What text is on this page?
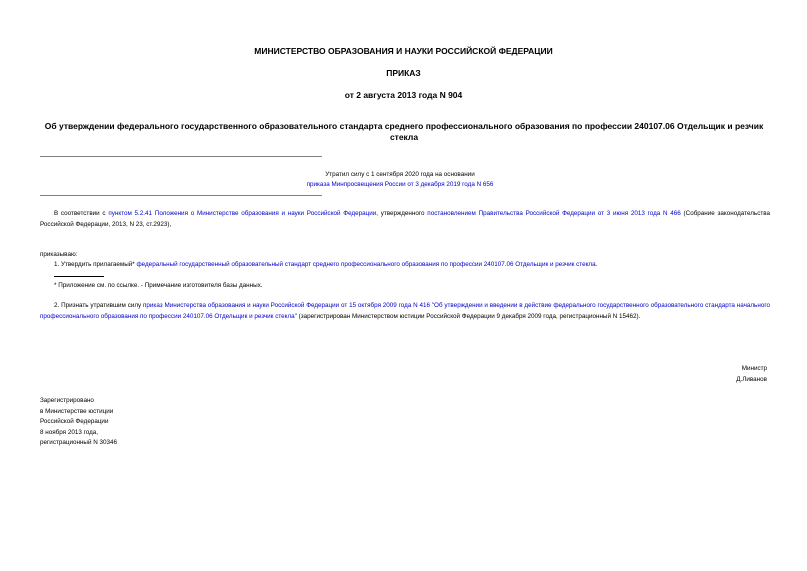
МИНИСТЕРСТВО ОБРАЗОВАНИЯ И НАУКИ РОССИЙСКОЙ ФЕДЕРАЦИИ
ПРИКАЗ
от 2 августа 2013 года N 904
Об утверждении федерального государственного образовательного стандарта среднего профессионального образования по профессии 240107.06 Отдельщик и резчик стекла
Утратил силу с 1 сентября 2020 года на основании
приказа Минпросвещения России от 3 декабря 2019 года N 656
В соответствии с пунктом 5.2.41 Положения о Министерстве образования и науки Российской Федерации, утвержденного постановлением Правительства Российской Федерации от 3 июня 2013 года N 466 (Собрание законодательства Российской Федерации, 2013, N 23, ст.2923),
приказываю:
1. Утвердить прилагаемый* федеральный государственный образовательный стандарт среднего профессионального образования по профессии 240107.06 Отдельщик и резчик стекла.
* Приложение см. по ссылке. - Примечание изготовителя базы данных.
2. Признать утратившим силу приказ Министерства образования и науки Российской Федерации от 15 октября 2009 года N 416 "Об утверждении и введении в действие федерального государственного образовательного стандарта начального профессионального образования по профессии 240107.06 Отдельщик и резчик стекла" (зарегистрирован Министерством юстиции Российской Федерации 9 декабря 2009 года, регистрационный N 15462).
Министр
Д.Ливанов
Зарегистрировано
в Министерстве юстиции
Российской Федерации
8 ноября 2013 года,
регистрационный N 30346
